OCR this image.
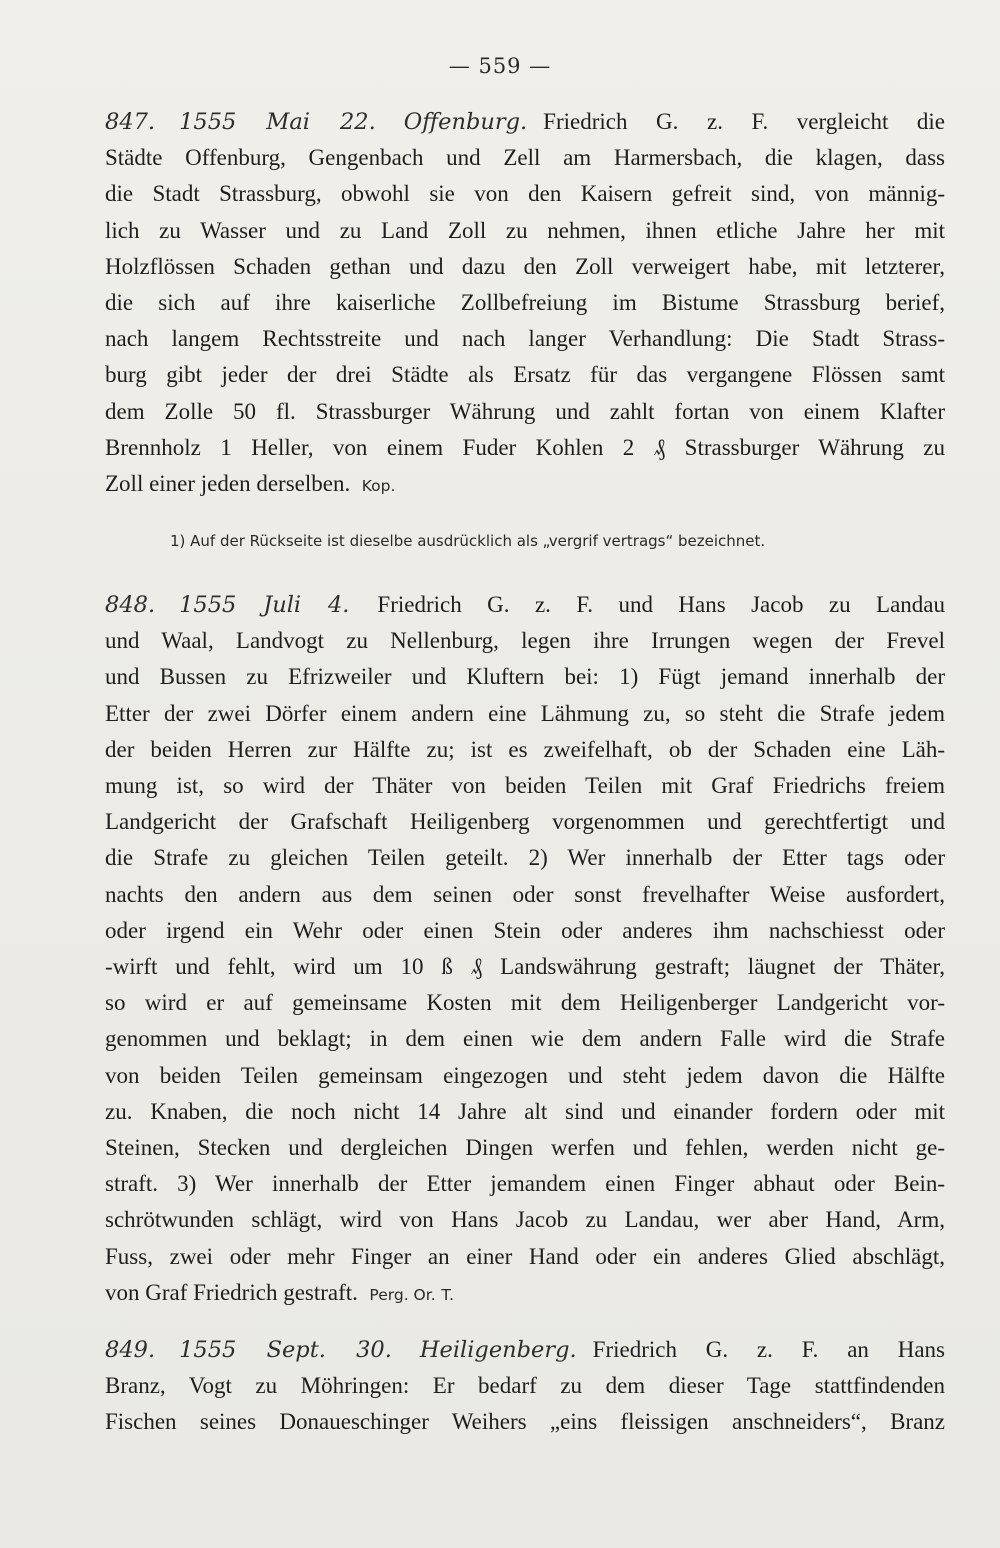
— 559 —
847. 1555 Mai 22. Offenburg. Friedrich G. z. F. vergleicht die
Städte Offenburg, Gengenbach und Zell am Harmersbach, die klagen, dass
die Stadt Strassburg, obwohl sie von den Kaisern gefreit sind, von männig-
lich zu Wasser und zu Land Zoll zu nehmen, ihnen etliche Jahre her mit
Holzflössen Schaden gethan und dazu den Zoll verweigert habe, mit letzterer,
die sich auf ihre kaiserliche Zollbefreiung im Bistume Strassburg berief,
nach langem Rechtsstreite und nach langer Verhandlung: Die Stadt Strass-
burg gibt jeder der drei Städte als Ersatz für das vergangene Flössen samt
dem Zolle 50 fl. Strassburger Währung und zahlt fortan von einem Klafter
Brennholz 1 Heller, von einem Fuder Kohlen 2 ₰ Strassburger Währung zu
Zoll einer jeden derselben. Kop.
1) Auf der Rückseite ist dieselbe ausdrücklich als „vergrif vertrags“ bezeichnet.
848. 1555 Juli 4. Friedrich G. z. F. und Hans Jacob zu Landau
und Waal, Landvogt zu Nellenburg, legen ihre Irrungen wegen der Frevel
und Bussen zu Efrizweiler und Kluftern bei: 1) Fügt jemand innerhalb der
Etter der zwei Dörfer einem andern eine Lähmung zu, so steht die Strafe jedem
der beiden Herren zur Hälfte zu; ist es zweifelhaft, ob der Schaden eine Läh-
mung ist, so wird der Thäter von beiden Teilen mit Graf Friedrichs freiem
Landgericht der Grafschaft Heiligenberg vorgenommen und gerechtfertigt und
die Strafe zu gleichen Teilen geteilt. 2) Wer innerhalb der Etter tags oder
nachts den andern aus dem seinen oder sonst frevelhafter Weise ausfordert,
oder irgend ein Wehr oder einen Stein oder anderes ihm nachschiesst oder
-wirft und fehlt, wird um 10 ß ₰ Landswährung gestraft; läugnet der Thäter,
so wird er auf gemeinsame Kosten mit dem Heiligenberger Landgericht vor-
genommen und beklagt; in dem einen wie dem andern Falle wird die Strafe
von beiden Teilen gemeinsam eingezogen und steht jedem davon die Hälfte
zu. Knaben, die noch nicht 14 Jahre alt sind und einander fordern oder mit
Steinen, Stecken und dergleichen Dingen werfen und fehlen, werden nicht ge-
straft. 3) Wer innerhalb der Etter jemandem einen Finger abhaut oder Bein-
schrötwunden schlägt, wird von Hans Jacob zu Landau, wer aber Hand, Arm,
Fuss, zwei oder mehr Finger an einer Hand oder ein anderes Glied abschlägt,
von Graf Friedrich gestraft. Perg. Or. T.
849. 1555 Sept. 30. Heiligenberg. Friedrich G. z. F. an Hans
Branz, Vogt zu Möhringen: Er bedarf zu dem dieser Tage stattfindenden
Fischen seines Donaueschinger Weihers „eins fleissigen anschneiders“, Branz
